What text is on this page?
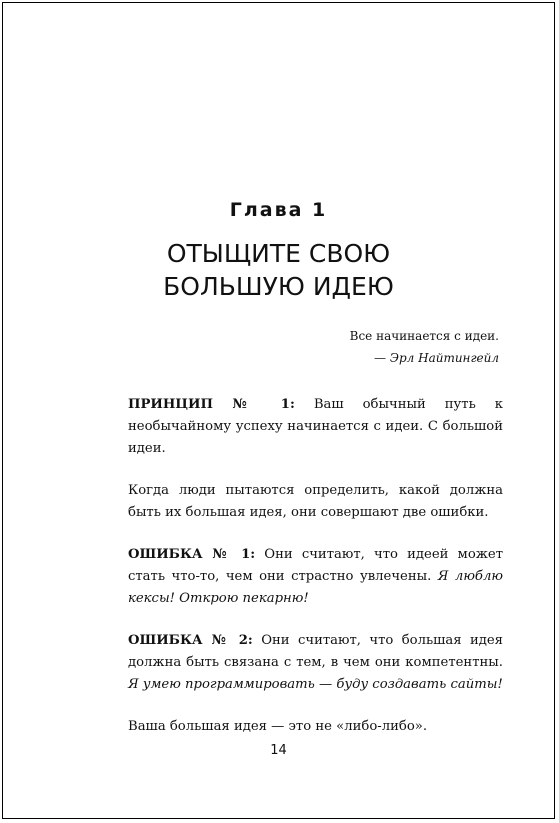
Глава 1
ОТЫЩИТЕ СВОЮ
БОЛЬШУЮ ИДЕЮ
Все начинается с идеи.
— Эрл Найтингейл

ПРИНЦИП № 1: Ваш обычный путь к необычайному успеху начинается с идеи. С большой идеи.

Когда люди пытаются определить, какой должна быть их большая идея, они совершают две ошибки.

ОШИБКА № 1: Они считают, что идеей может стать что-то, чем они страстно увлечены. Я люблю кексы! Открою пекарню!

ОШИБКА № 2: Они считают, что большая идея должна быть связана с тем, в чем они компетентны. Я умею программировать — буду создавать сайты!

Ваша большая идея — это не «либо-либо».

14
